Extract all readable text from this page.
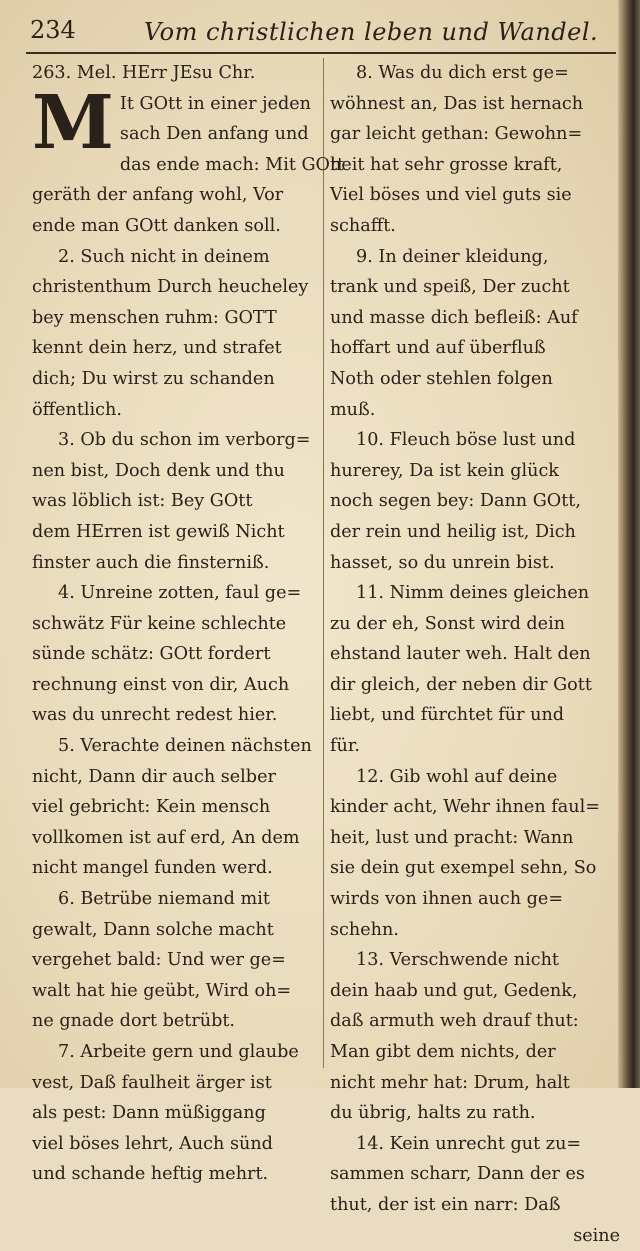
234	Vom christlichen leben und Wandel.
263. Mel. HErr JEsu Chr.
M It GOtt in einer jeden
sach Den anfang und
das ende mach: Mit GOtt
geräth der anfang wohl, Vor
ende man GOtt danken soll.
2. Such nicht in deinem
christenthum Durch heucheley
bey menschen ruhm: GOTT
kennt dein herz, und strafet
dich; Du wirst zu schanden
öffentlich.
3. Ob du schon im verborg=
nen bist, Doch denk und thu
was löblich ist: Bey GOtt
dem HErren ist gewiß Nicht
finster auch die finsterniß.
4. Unreine zotten, faul ge=
schwätz Für keine schlechte
sünde schätz: GOtt fordert
rechnung einst von dir, Auch
was du unrecht redest hier.
5. Verachte deinen nächsten
nicht, Dann dir auch selber
viel gebricht: Kein mensch
vollkomen ist auf erd, An dem
nicht mangel funden werd.
6. Betrübe niemand mit
gewalt, Dann solche macht
vergehet bald: Und wer ge=
walt hat hie geübt, Wird oh=
ne gnade dort betrübt.
7. Arbeite gern und glaube
vest, Daß faulheit ärger ist
als pest: Dann müßiggang
viel böses lehrt, Auch sünd
und schande heftig mehrt.
8. Was du dich erst ge=
wöhnest an, Das ist hernach
gar leicht gethan: Gewohn=
heit hat sehr grosse kraft,
Viel böses und viel guts sie
schafft.
9. In deiner kleidung,
trank und speiß, Der zucht
und masse dich befleiß: Auf
hoffart und auf überfluß
Noth oder stehlen folgen
muß.
10. Fleuch böse lust und
hurerey, Da ist kein glück
noch segen bey: Dann GOtt,
der rein und heilig ist, Dich
hasset, so du unrein bist.
11. Nimm deines gleichen
zu der eh, Sonst wird dein
ehstand lauter weh. Halt den
dir gleich, der neben dir Gott
liebt, und fürchtet für und
für.
12. Gib wohl auf deine
kinder acht, Wehr ihnen faul=
heit, lust und pracht: Wann
sie dein gut exempel sehn, So
wirds von ihnen auch ge=
schehn.
13. Verschwende nicht
dein haab und gut, Gedenk,
daß armuth weh drauf thut:
Man gibt dem nichts, der
nicht mehr hat: Drum, halt
du übrig, halts zu rath.
14. Kein unrecht gut zu=
sammen scharr, Dann der es
thut, der ist ein narr: Daß
seine
